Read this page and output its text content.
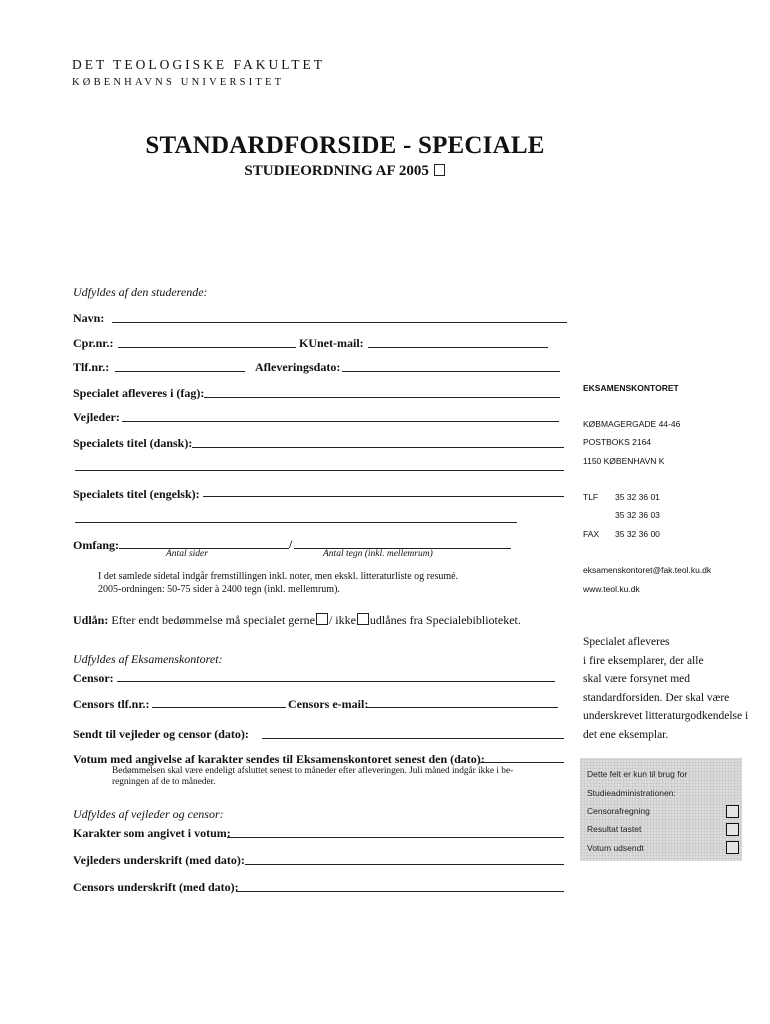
DET TEOLOGISKE FAKULTET
KØBENHAVNS UNIVERSITET
STANDARDFORSIDE - SPECIALE
STUDIEORDNING AF 2005
Udfyldes af den studerende:
Navn:
Cpr.nr.:	KUnet-mail:
Tlf.nr.:	Afleveringsdato:
Specialet afleveres i (fag):
Vejleder:
Specialets titel (dansk):
Specialets titel (engelsk):
Omfang:	/
Antal sider	Antal tegn (inkl. mellemrum)
I det samlede sidetal indgår fremstillingen inkl. noter, men ekskl. litteraturliste og resumé.
2005-ordningen: 50-75 sider à 2400 tegn (inkl. mellemrum).
Udlån: Efter endt bedømmelse må specialet gerne / ikke udlånes fra Specialebiblioteket.
Udfyldes af Eksamenskontoret:
Censor:
Censors tlf.nr.:	Censors e-mail:
Sendt til vejleder og censor (dato):
Votum med angivelse af karakter sendes til Eksamenskontoret senest den (dato):
Bedømmelsen skal være endeligt afsluttet senest to måneder efter afleveringen. Juli måned indgår ikke i be-
regningen af de to måneder.
Udfyldes af vejleder og censor:
Karakter som angivet i votum:
Vejleders underskrift (med dato):
Censors underskrift (med dato):
EKSAMENSKONTORET
KØBMAGERGADE 44-46
POSTBOKS 2164
1150 KØBENHAVN K
TLF 35 32 36 01
35 32 36 03
FAX 35 32 36 00
eksamenskontoret@fak.teol.ku.dk
www.teol.ku.dk
Specialet afleveres
i fire eksemplarer, der alle
skal være forsynet med
standardforsiden. Der skal være
underskrevet litteraturgodkendelse i
det ene eksemplar.
Dette felt er kun til brug for
Studieadministrationen:
Censorafregning
Resultat tastet
Votum udsendt
